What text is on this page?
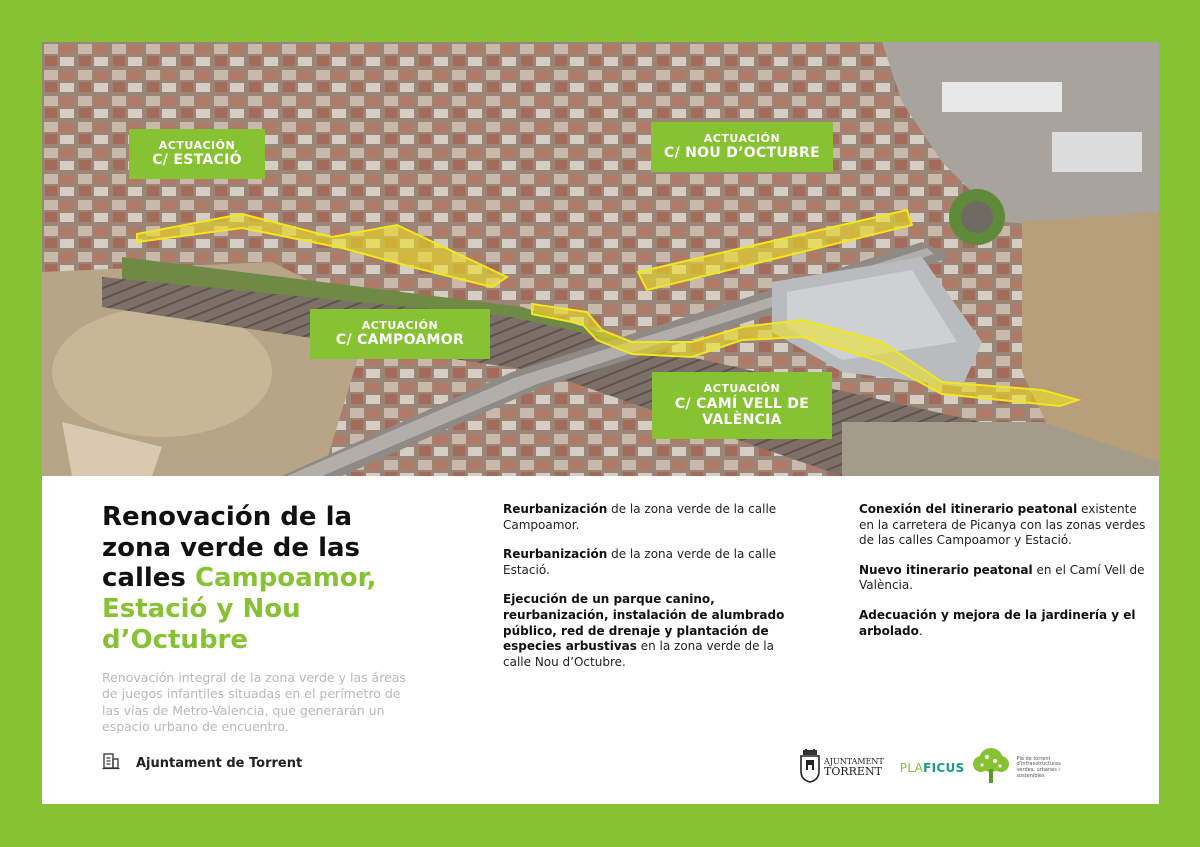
ACTUACIÓN
C/ ESTACIÓ
ACTUACIÓN
C/ NOU D’OCTUBRE
ACTUACIÓN
C/ CAMPOAMOR
ACTUACIÓN
C/ CAMÍ VELL DE
VALÈNCIA
Renovación de la zona verde de las calles Campoamor, Estació y Nou d’Octubre

Renovación integral de la zona verde y las áreas de juegos infantiles situadas en el perímetro de las vías de Metro-Valencia, que generarán un espacio urbano de encuentro.

Ajuntament de Torrent

Reurbanización de la zona verde de la calle Campoamor.

Reurbanización de la zona verde de la calle Estació.

Ejecución de un parque canino, reurbanización, instalación de alumbrado público, red de drenaje y plantación de especies arbustivas en la zona verde de la calle Nou d’Octubre.

Conexión del itinerario peatonal existente en la carretera de Picanya con las zonas verdes de las calles Campoamor y Estació.

Nuevo itinerario peatonal en el Camí Vell de València.

Adecuación y mejora de la jardinería y el arbolado.

AJUNTAMENT
TORRENT PLAFICUS
Pla de torrent d'infraestructures verdes, urbanes i sostenibles
